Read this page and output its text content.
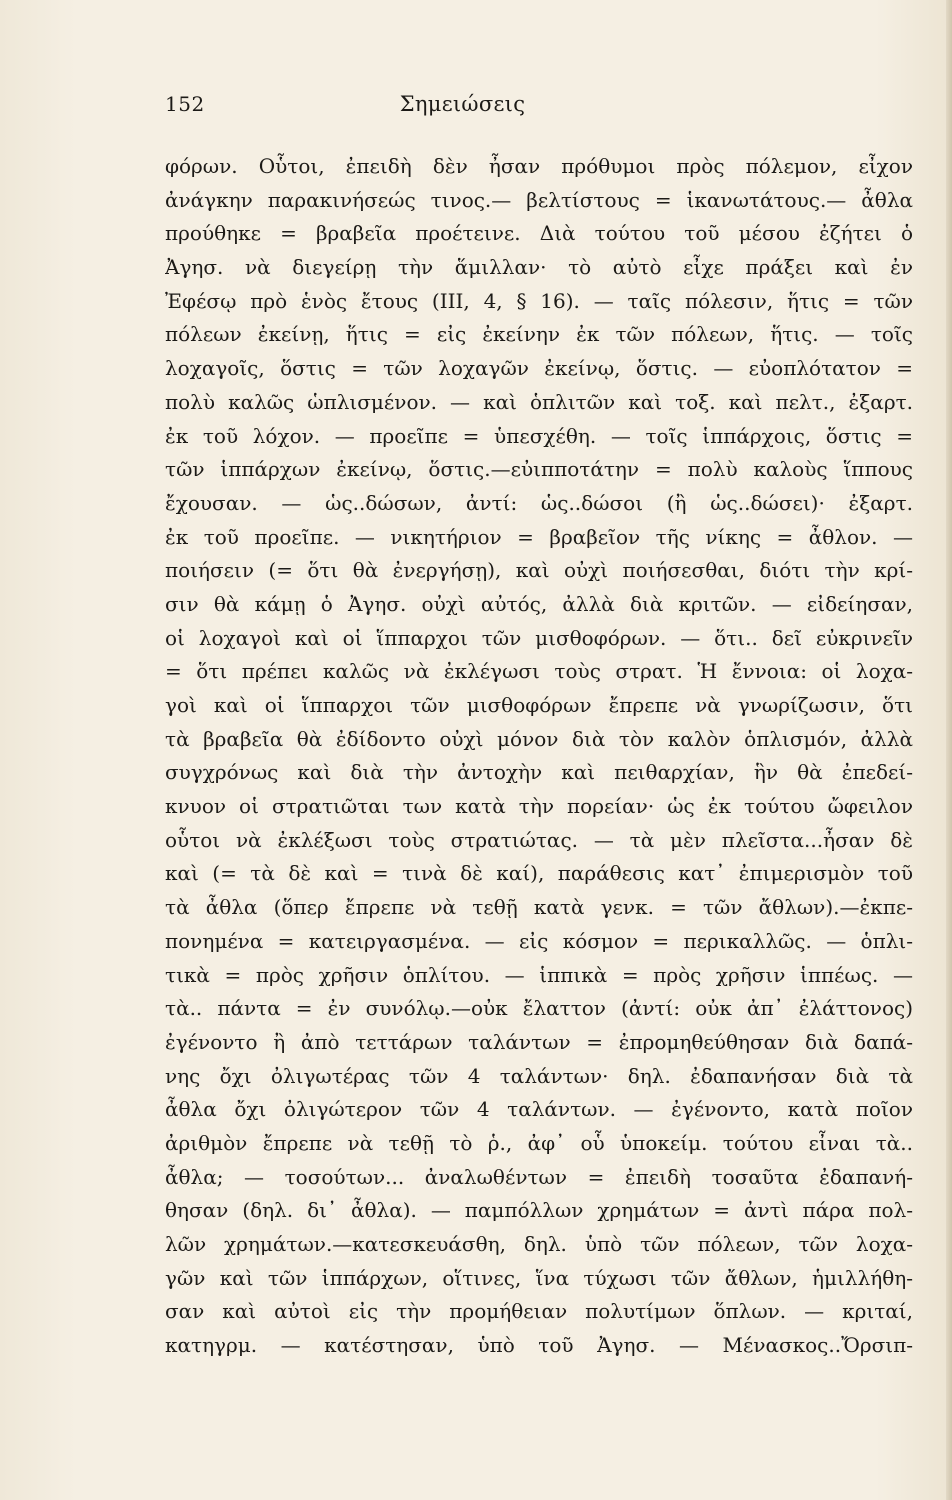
152	Σημειώσεις
φόρων. Οὗτοι, ἐπειδὴ δὲν ἦσαν πρόθυμοι πρὸς πόλεμον, εἶχον
ἀνάγκην παρακινήσεώς τινος.— βελτίστους = ἱκανωτάτους.— ἆθλα
προύθηκε = βραβεῖα προέτεινε. Διὰ τούτου τοῦ μέσου ἐζήτει ὁ
Ἀγησ. νὰ διεγείρῃ τὴν ἅμιλλαν· τὸ αὐτὸ εἶχε πράξει καὶ ἐν
Ἐφέσῳ πρὸ ἑνὸς ἔτους (III, 4, § 16). — ταῖς πόλεσιν, ἥτις = τῶν
πόλεων ἐκείνῃ, ἥτις = εἰς ἐκείνην ἐκ τῶν πόλεων, ἥτις. — τοῖς
λοχαγοῖς, ὅστις = τῶν λοχαγῶν ἐκείνῳ, ὅστις. — εὐοπλότατον =
πολὺ καλῶς ὡπλισμένον. — καὶ ὁπλιτῶν καὶ τοξ. καὶ πελτ., ἐξαρτ.
ἐκ τοῦ λόχον. — προεῖπε = ὑπεσχέθη. — τοῖς ἱππάρχοις, ὅστις =
τῶν ἱππάρχων ἐκείνῳ, ὅστις.—εὐιπποτάτην = πολὺ καλοὺς ἵππους
ἔχουσαν. — ὡς..δώσων, ἀντί: ὡς..δώσοι (ἢ ὡς..δώσει)· ἐξαρτ.
ἐκ τοῦ προεῖπε. — νικητήριον = βραβεῖον τῆς νίκης = ἆθλον. —
ποιήσειν (= ὅτι θὰ ἐνεργήσῃ), καὶ οὐχὶ ποιήσεσθαι, διότι τὴν κρί-
σιν θὰ κάμῃ ὁ Ἀγησ. οὐχὶ αὐτός, ἀλλὰ διὰ κριτῶν. — εἰδείησαν,
οἱ λοχαγοὶ καὶ οἱ ἵππαρχοι τῶν μισθοφόρων. — ὅτι.. δεῖ εὐκρινεῖν
= ὅτι πρέπει καλῶς νὰ ἐκλέγωσι τοὺς στρατ. Ἡ ἔννοια: οἱ λοχα-
γοὶ καὶ οἱ ἵππαρχοι τῶν μισθοφόρων ἔπρεπε νὰ γνωρίζωσιν, ὅτι
τὰ βραβεῖα θὰ ἐδίδοντο οὐχὶ μόνον διὰ τὸν καλὸν ὁπλισμόν, ἀλλὰ
συγχρόνως καὶ διὰ τὴν ἀντοχὴν καὶ πειθαρχίαν, ἣν θὰ ἐπεδεί-
κνυον οἱ στρατιῶται των κατὰ τὴν πορείαν· ὡς ἐκ τούτου ὤφειλον
οὗτοι νὰ ἐκλέξωσι τοὺς στρατιώτας. — τὰ μὲν πλεῖστα...ἦσαν δὲ
καὶ (= τὰ δὲ καὶ = τινὰ δὲ καί), παράθεσις κατ᾽ ἐπιμερισμὸν τοῦ
τὰ ἆθλα (ὅπερ ἔπρεπε νὰ τεθῇ κατὰ γενκ. = τῶν ἄθλων).—ἐκπε-
πονημένα = κατειργασμένα. — εἰς κόσμον = περικαλλῶς. — ὁπλι-
τικὰ = πρὸς χρῆσιν ὁπλίτου. — ἱππικὰ = πρὸς χρῆσιν ἱππέως. —
τὰ.. πάντα = ἐν συνόλῳ.—οὐκ ἔλαττον (ἀντί: οὐκ ἀπ᾽ ἐλάττονος)
ἐγένοντο ἢ ἀπὸ τεττάρων ταλάντων = ἐπρομηθεύθησαν διὰ δαπά-
νης ὄχι ὀλιγωτέρας τῶν 4 ταλάντων· δηλ. ἐδαπανήσαν διὰ τὰ
ἆθλα ὄχι ὀλιγώτερον τῶν 4 ταλάντων. — ἐγένοντο, κατὰ ποῖον
ἀριθμὸν ἔπρεπε νὰ τεθῇ τὸ ῥ., ἀφ᾽ οὗ ὑποκείμ. τούτου εἶναι τὰ..
ἆθλα; — τοσούτων... ἀναλωθέντων = ἐπειδὴ τοσαῦτα ἐδαπανή-
θησαν (δηλ. δι᾽ ἆθλα). — παμπόλλων χρημάτων = ἀντὶ πάρα πολ-
λῶν χρημάτων.—κατεσκευάσθη, δηλ. ὑπὸ τῶν πόλεων, τῶν λοχα-
γῶν καὶ τῶν ἱππάρχων, οἵτινες, ἵνα τύχωσι τῶν ἄθλων, ἡμιλλήθη-
σαν καὶ αὐτοὶ εἰς τὴν προμήθειαν πολυτίμων ὅπλων. — κριταί,
κατηγρμ. — κατέστησαν, ὑπὸ τοῦ Ἀγησ. — Μένασκος..Ὄρσιπ-
